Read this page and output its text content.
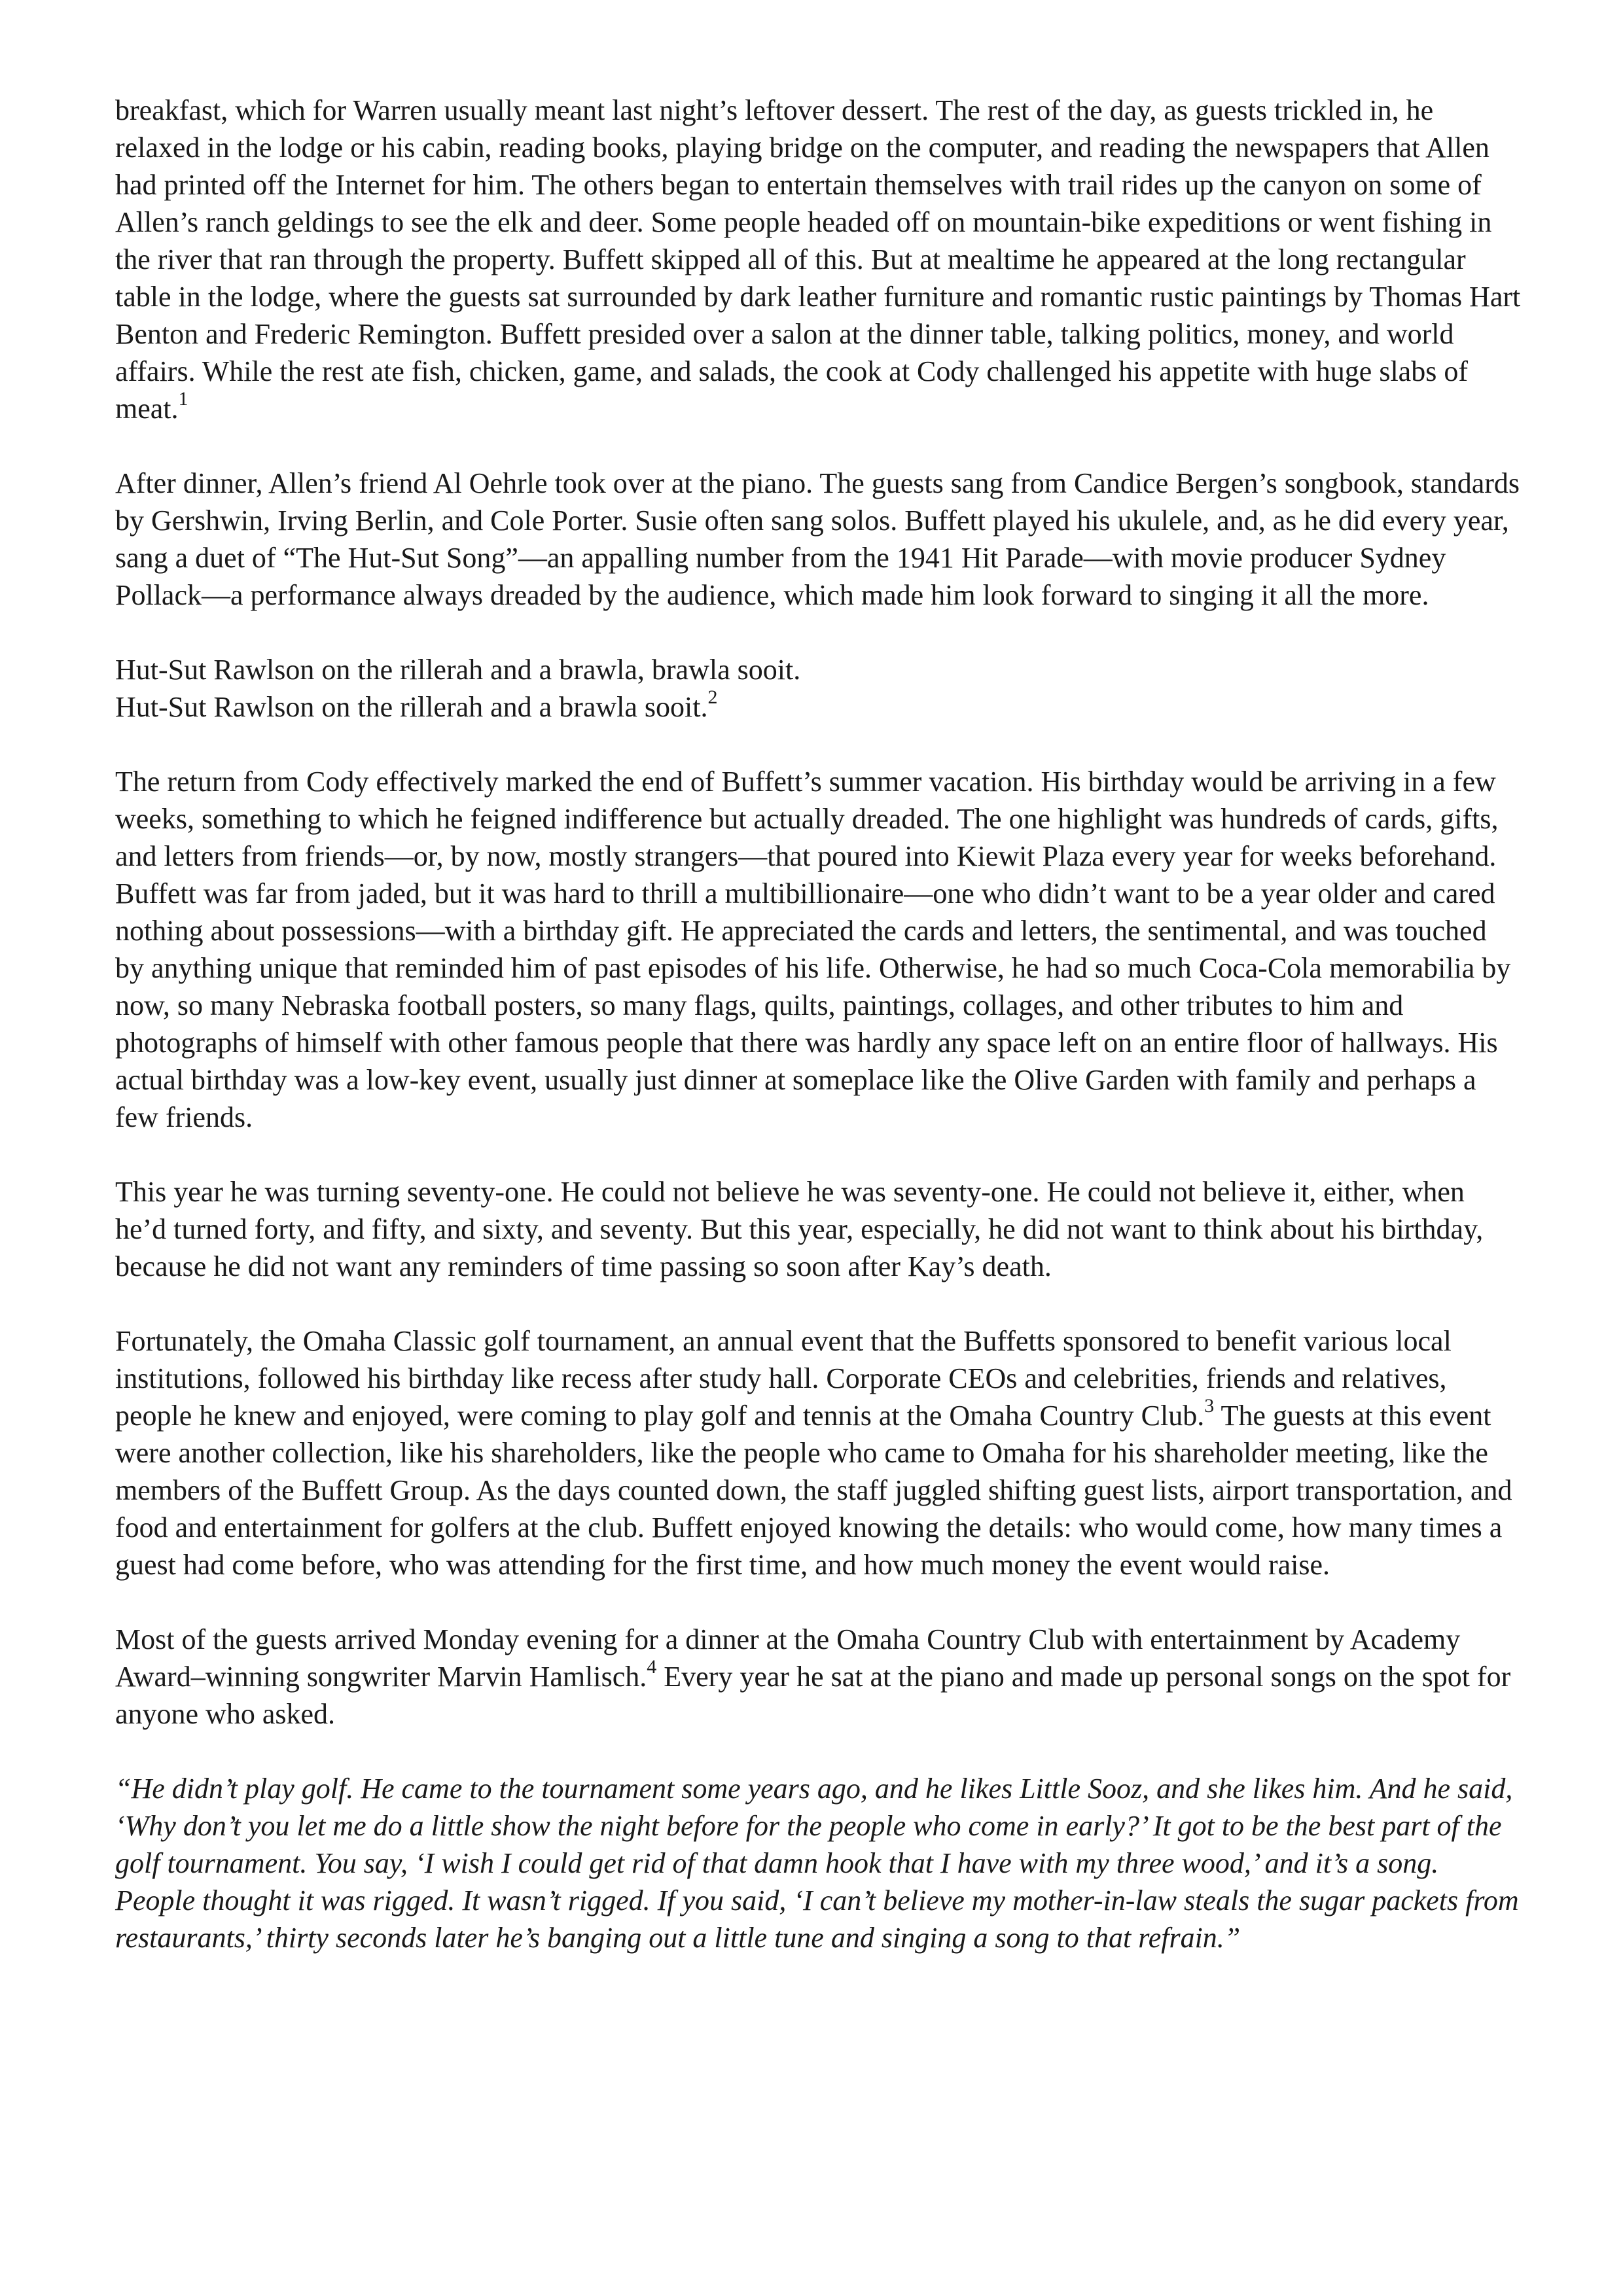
breakfast, which for Warren usually meant last night’s leftover dessert. The rest of the day, as guests trickled in, he relaxed in the lodge or his cabin, reading books, playing bridge on the computer, and reading the newspapers that Allen had printed off the Internet for him. The others began to entertain themselves with trail rides up the canyon on some of Allen’s ranch geldings to see the elk and deer. Some people headed off on mountain-bike expeditions or went fishing in the river that ran through the property. Buffett skipped all of this. But at mealtime he appeared at the long rectangular table in the lodge, where the guests sat surrounded by dark leather furniture and romantic rustic paintings by Thomas Hart Benton and Frederic Remington. Buffett presided over a salon at the dinner table, talking politics, money, and world affairs. While the rest ate fish, chicken, game, and salads, the cook at Cody challenged his appetite with huge slabs of meat.$^1$

After dinner, Allen’s friend Al Oehrle took over at the piano. The guests sang from Candice Bergen’s songbook, standards by Gershwin, Irving Berlin, and Cole Porter. Susie often sang solos. Buffett played his ukulele, and, as he did every year, sang a duet of “The Hut-Sut Song”—an appalling number from the 1941 Hit Parade—with movie producer Sydney Pollack—a performance always dreaded by the audience, which made him look forward to singing it all the more.

Hut-Sut Rawlson on the rillerah and a brawla, brawla sooit.
Hut-Sut Rawlson on the rillerah and a brawla sooit.$^2$

The return from Cody effectively marked the end of Buffett’s summer vacation. His birthday would be arriving in a few weeks, something to which he feigned indifference but actually dreaded. The one highlight was hundreds of cards, gifts, and letters from friends—or, by now, mostly strangers—that poured into Kiewit Plaza every year for weeks beforehand. Buffett was far from jaded, but it was hard to thrill a multibillionaire—one who didn’t want to be a year older and cared nothing about possessions—with a birthday gift. He appreciated the cards and letters, the sentimental, and was touched by anything unique that reminded him of past episodes of his life. Otherwise, he had so much Coca-Cola memorabilia by now, so many Nebraska football posters, so many flags, quilts, paintings, collages, and other tributes to him and photographs of himself with other famous people that there was hardly any space left on an entire floor of hallways. His actual birthday was a low-key event, usually just dinner at someplace like the Olive Garden with family and perhaps a few friends.

This year he was turning seventy-one. He could not believe he was seventy-one. He could not believe it, either, when he’d turned forty, and fifty, and sixty, and seventy. But this year, especially, he did not want to think about his birthday, because he did not want any reminders of time passing so soon after Kay’s death.

Fortunately, the Omaha Classic golf tournament, an annual event that the Buffetts sponsored to benefit various local institutions, followed his birthday like recess after study hall. Corporate CEOs and celebrities, friends and relatives, people he knew and enjoyed, were coming to play golf and tennis at the Omaha Country Club.$^3$ The guests at this event were another collection, like his shareholders, like the people who came to Omaha for his shareholder meeting, like the members of the Buffett Group. As the days counted down, the staff juggled shifting guest lists, airport transportation, and food and entertainment for golfers at the club. Buffett enjoyed knowing the details: who would come, how many times a guest had come before, who was attending for the first time, and how much money the event would raise.

Most of the guests arrived Monday evening for a dinner at the Omaha Country Club with entertainment by Academy Award–winning songwriter Marvin Hamlisch.$^4$ Every year he sat at the piano and made up personal songs on the spot for anyone who asked.

“He didn’t play golf. He came to the tournament some years ago, and he likes Little Sooz, and she likes him. And he said, ‘Why don’t you let me do a little show the night before for the people who come in early?’ It got to be the best part of the golf tournament. You say, ‘I wish I could get rid of that damn hook that I have with my three wood,’ and it’s a song. People thought it was rigged. It wasn’t rigged. If you said, ‘I can’t believe my mother-in-law steals the sugar packets from restaurants,’ thirty seconds later he’s banging out a little tune and singing a song to that refrain.”
